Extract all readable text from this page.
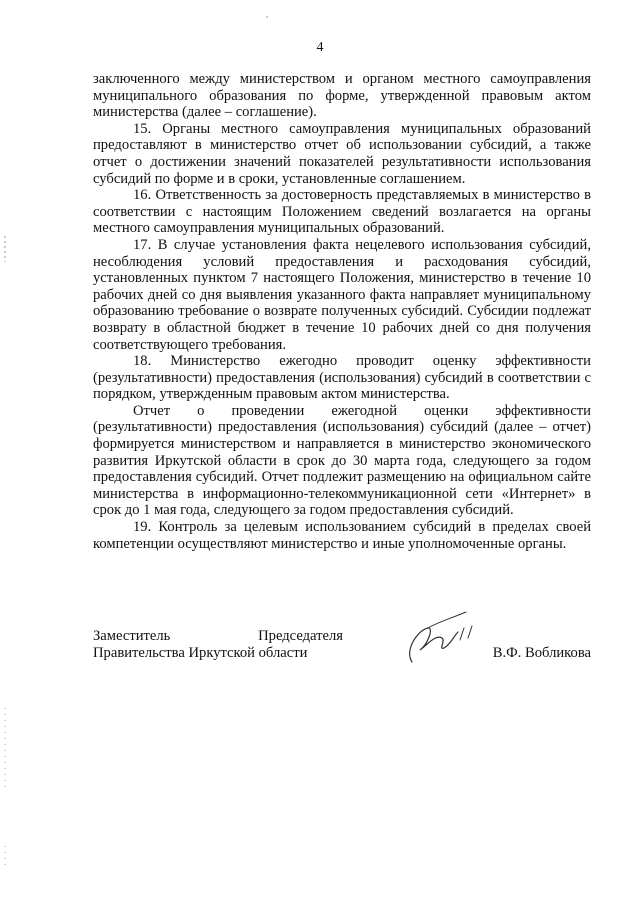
4

заключенного между министерством и органом местного самоуправления муниципального образования по форме, утвержденной правовым актом министерства (далее – соглашение).

15. Органы местного самоуправления муниципальных образований предоставляют в министерство отчет об использовании субсидий, а также отчет о достижении значений показателей результативности использования субсидий по форме и в сроки, установленные соглашением.

16. Ответственность за достоверность представляемых в министерство в соответствии с настоящим Положением сведений возлагается на органы местного самоуправления муниципальных образований.

17. В случае установления факта нецелевого использования субсидий, несоблюдения условий предоставления и расходования субсидий, установленных пунктом 7 настоящего Положения, министерство в течение 10 рабочих дней со дня выявления указанного факта направляет муниципальному образованию требование о возврате полученных субсидий. Субсидии подлежат возврату в областной бюджет в течение 10 рабочих дней со дня получения соответствующего требования.

18. Министерство ежегодно проводит оценку эффективности (результативности) предоставления (использования) субсидий в соответствии с порядком, утвержденным правовым актом министерства.

Отчет о проведении ежегодной оценки эффективности (результативности) предоставления (использования) субсидий (далее – отчет) формируется министерством и направляется в министерство экономического развития Иркутской области в срок до 30 марта года, следующего за годом предоставления субсидий. Отчет подлежит размещению на официальном сайте министерства в информационно-телекоммуникационной сети «Интернет» в срок до 1 мая года, следующего за годом предоставления субсидий.

19. Контроль за целевым использованием субсидий в пределах своей компетенции осуществляют министерство и иные уполномоченные органы.

Заместитель	Председателя
Правительства Иркутской области	В.Ф. Вобликова
